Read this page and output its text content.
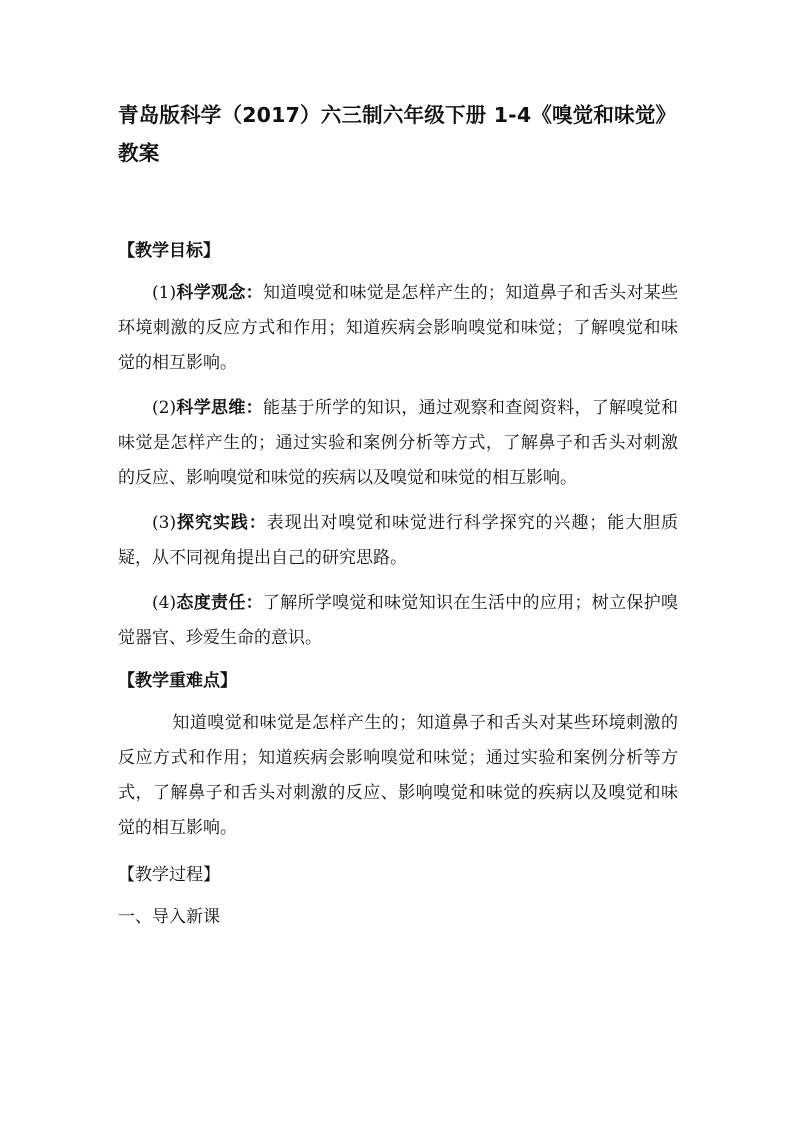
青岛版科学（2017）六三制六年级下册 1-4《嗅觉和味觉》教案
【教学目标】

(1)科学观念：知道嗅觉和味觉是怎样产生的；知道鼻子和舌头对某些环境刺激的反应方式和作用；知道疾病会影响嗅觉和味觉；了解嗅觉和味觉的相互影响。

(2)科学思维：能基于所学的知识，通过观察和查阅资料，了解嗅觉和味觉是怎样产生的；通过实验和案例分析等方式，了解鼻子和舌头对刺激的反应、影响嗅觉和味觉的疾病以及嗅觉和味觉的相互影响。

(3)探究实践：表现出对嗅觉和味觉进行科学探究的兴趣；能大胆质疑，从不同视角提出自己的研究思路。

(4)态度责任：了解所学嗅觉和味觉知识在生活中的应用；树立保护嗅觉器官、珍爱生命的意识。

【教学重难点】

知道嗅觉和味觉是怎样产生的；知道鼻子和舌头对某些环境刺激的反应方式和作用；知道疾病会影响嗅觉和味觉；通过实验和案例分析等方式，了解鼻子和舌头对刺激的反应、影响嗅觉和味觉的疾病以及嗅觉和味觉的相互影响。

【教学过程】
一、导入新课
